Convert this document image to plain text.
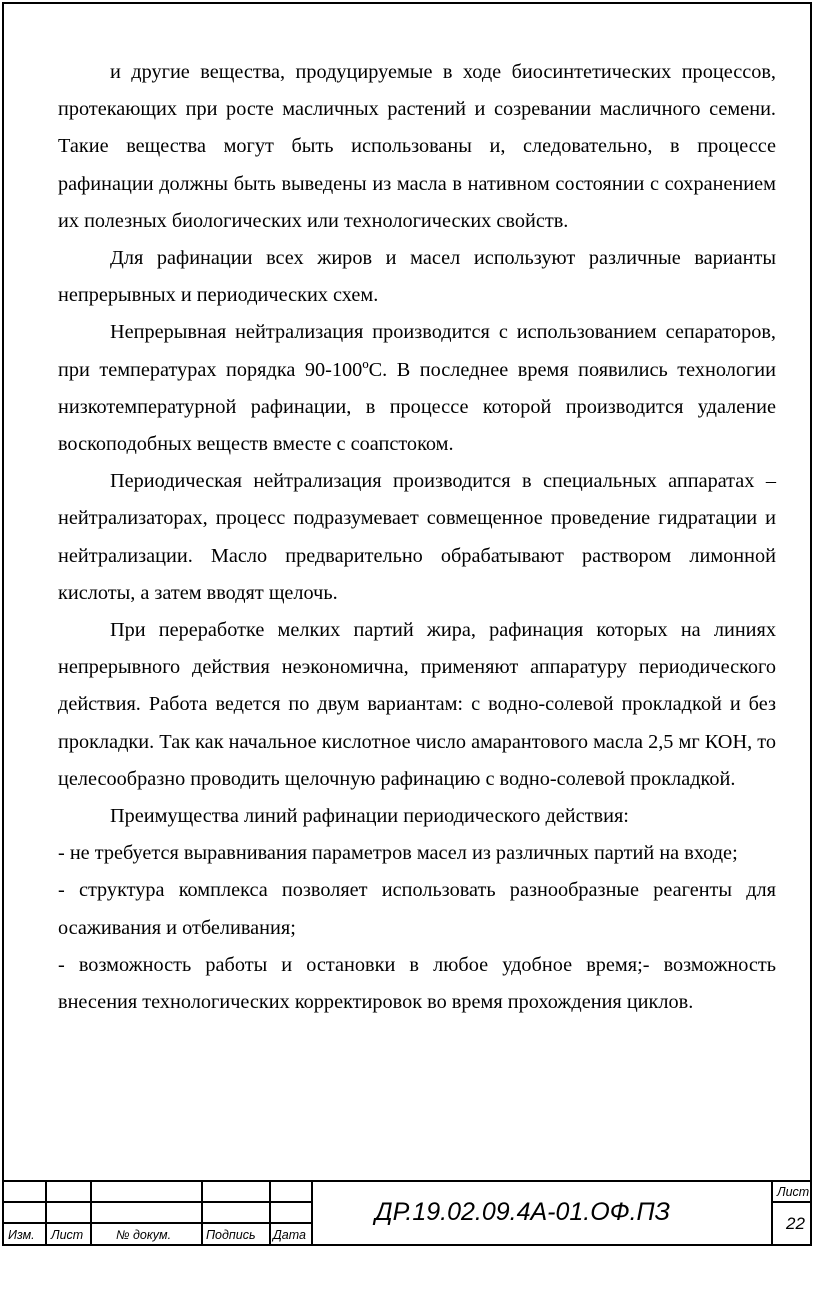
и другие вещества, продуцируемые в ходе биосинтетических процессов, протекающих при росте масличных растений и созревании масличного семени. Такие вещества могут быть использованы и, следовательно, в процессе рафинации должны быть выведены из масла в нативном состоянии с сохранением их полезных биологических или технологических свойств.

Для рафинации всех жиров и масел используют различные варианты непрерывных и периодических схем.

Непрерывная нейтрализация производится с использованием сепараторов, при температурах порядка 90-100ºС. В последнее время появились технологии низкотемпературной рафинации, в процессе которой производится удаление воскоподобных веществ вместе с соапстоком.

Периодическая нейтрализация производится в специальных аппаратах – нейтрализаторах, процесс подразумевает совмещенное проведение гидратации и нейтрализации. Масло предварительно обрабатывают раствором лимонной кислоты, а затем вводят щелочь.

При переработке мелких партий жира, рафинация которых на линиях непрерывного действия неэкономична, применяют аппаратуру периодического действия. Работа ведется по двум вариантам: с водно-солевой прокладкой и без прокладки. Так как начальное кислотное число амарантового масла 2,5 мг КОН, то целесообразно проводить щелочную рафинацию с водно-солевой прокладкой.

Преимущества линий рафинации периодического действия:

- не требуется выравнивания параметров масел из различных партий на входе;

- структура комплекса позволяет использовать разнообразные реагенты для осаживания и отбеливания;

- возможность работы и остановки в любое удобное время;- возможность внесения технологических корректировок во время прохождения циклов.

Изм. Лист	№ докум.	Подпись Дата
ДР.19.02.09.4А-01.ОФ.ПЗ
Лист
22
